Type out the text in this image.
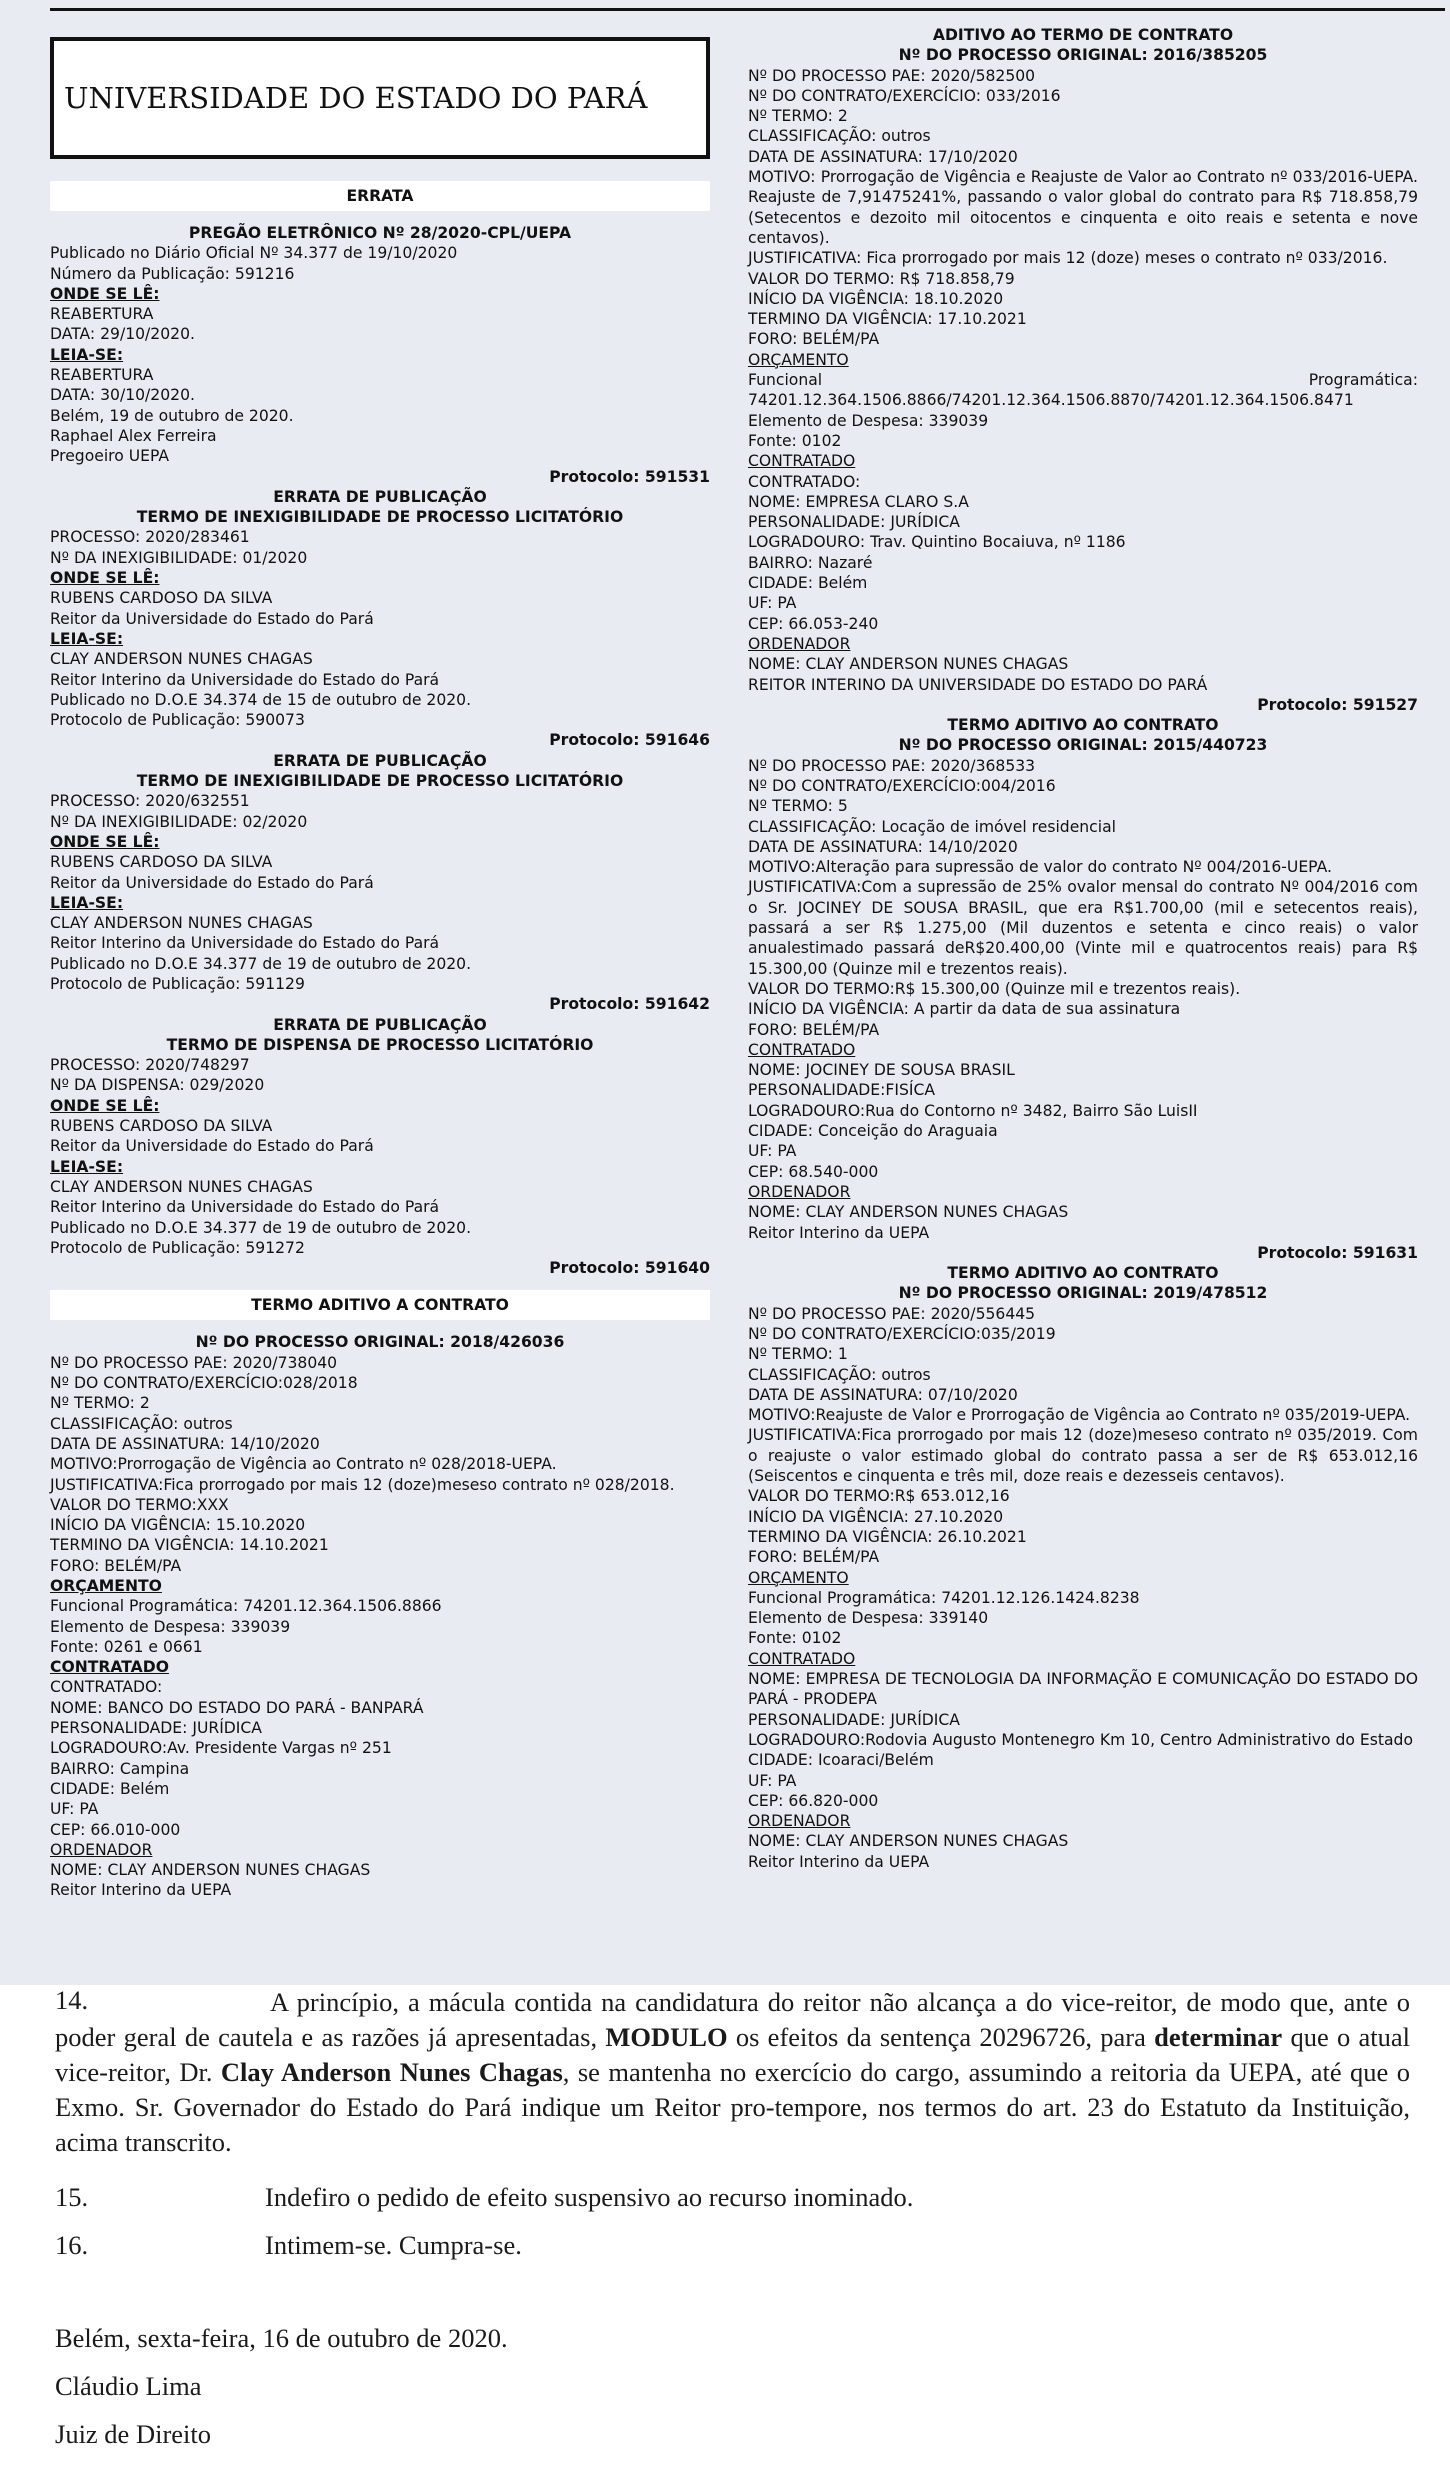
UNIVERSIDADE DO ESTADO DO PARÁ
ERRATA
PREGÃO ELETRÔNICO Nº 28/2020-CPL/UEPA
Publicado no Diário Oficial Nº 34.377 de 19/10/2020
Número da Publicação: 591216
ONDE SE LÊ:
REABERTURA
DATA: 29/10/2020.
LEIA-SE:
REABERTURA
DATA: 30/10/2020.
Belém, 19 de outubro de 2020.
Raphael Alex Ferreira
Pregoeiro UEPA
Protocolo: 591531
ERRATA DE PUBLICAÇÃO
TERMO DE INEXIGIBILIDADE DE PROCESSO LICITATÓRIO
PROCESSO: 2020/283461
Nº DA INEXIGIBILIDADE: 01/2020
ONDE SE LÊ:
RUBENS CARDOSO DA SILVA
Reitor da Universidade do Estado do Pará
LEIA-SE:
CLAY ANDERSON NUNES CHAGAS
Reitor Interino da Universidade do Estado do Pará
Publicado no D.O.E 34.374 de 15 de outubro de 2020.
Protocolo de Publicação: 590073
Protocolo: 591646
ERRATA DE PUBLICAÇÃO
TERMO DE INEXIGIBILIDADE DE PROCESSO LICITATÓRIO
PROCESSO: 2020/632551
Nº DA INEXIGIBILIDADE: 02/2020
ONDE SE LÊ:
RUBENS CARDOSO DA SILVA
Reitor da Universidade do Estado do Pará
LEIA-SE:
CLAY ANDERSON NUNES CHAGAS
Reitor Interino da Universidade do Estado do Pará
Publicado no D.O.E 34.377 de 19 de outubro de 2020.
Protocolo de Publicação: 591129
Protocolo: 591642
ERRATA DE PUBLICAÇÃO
TERMO DE DISPENSA DE PROCESSO LICITATÓRIO
PROCESSO: 2020/748297
Nº DA DISPENSA: 029/2020
ONDE SE LÊ:
RUBENS CARDOSO DA SILVA
Reitor da Universidade do Estado do Pará
LEIA-SE:
CLAY ANDERSON NUNES CHAGAS
Reitor Interino da Universidade do Estado do Pará
Publicado no D.O.E 34.377 de 19 de outubro de 2020.
Protocolo de Publicação: 591272
Protocolo: 591640
TERMO ADITIVO A CONTRATO
Nº DO PROCESSO ORIGINAL: 2018/426036
Nº DO PROCESSO PAE: 2020/738040
Nº DO CONTRATO/EXERCÍCIO:028/2018
Nº TERMO: 2
CLASSIFICAÇÃO: outros
DATA DE ASSINATURA: 14/10/2020
MOTIVO:Prorrogação de Vigência ao Contrato nº 028/2018-UEPA.
JUSTIFICATIVA:Fica prorrogado por mais 12 (doze)meseso contrato nº 028/2018.
VALOR DO TERMO:XXX
INÍCIO DA VIGÊNCIA: 15.10.2020
TERMINO DA VIGÊNCIA: 14.10.2021
FORO: BELÉM/PA
ORÇAMENTO
Funcional Programática: 74201.12.364.1506.8866
Elemento de Despesa: 339039
Fonte: 0261 e 0661
CONTRATADO
CONTRATADO:
NOME: BANCO DO ESTADO DO PARÁ - BANPARÁ
PERSONALIDADE: JURÍDICA
LOGRADOURO:Av. Presidente Vargas nº 251
BAIRRO: Campina
CIDADE: Belém
UF: PA
CEP: 66.010-000
ORDENADOR
NOME: CLAY ANDERSON NUNES CHAGAS
Reitor Interino da UEPA
ADITIVO AO TERMO DE CONTRATO
Nº DO PROCESSO ORIGINAL: 2016/385205
Nº DO PROCESSO PAE: 2020/582500
Nº DO CONTRATO/EXERCÍCIO: 033/2016
Nº TERMO: 2
CLASSIFICAÇÃO: outros
DATA DE ASSINATURA: 17/10/2020
MOTIVO: Prorrogação de Vigência e Reajuste de Valor ao Contrato nº 033/2016-UEPA. Reajuste de 7,91475241%, passando o valor global do contrato para R$ 718.858,79 (Setecentos e dezoito mil oitocentos e cinquenta e oito reais e setenta e nove centavos).
JUSTIFICATIVA: Fica prorrogado por mais 12 (doze) meses o contrato nº 033/2016.
VALOR DO TERMO: R$ 718.858,79
INÍCIO DA VIGÊNCIA: 18.10.2020
TERMINO DA VIGÊNCIA: 17.10.2021
FORO: BELÉM/PA
ORÇAMENTO
Funcional Programática: 74201.12.364.1506.8866/74201.12.364.1506.8870/74201.12.364.1506.8471
Elemento de Despesa: 339039
Fonte: 0102
CONTRATADO
CONTRATADO:
NOME: EMPRESA CLARO S.A
PERSONALIDADE: JURÍDICA
LOGRADOURO: Trav. Quintino Bocaiuva, nº 1186
BAIRRO: Nazaré
CIDADE: Belém
UF: PA
CEP: 66.053-240
ORDENADOR
NOME: CLAY ANDERSON NUNES CHAGAS
REITOR INTERINO DA UNIVERSIDADE DO ESTADO DO PARÁ
Protocolo: 591527
TERMO ADITIVO AO CONTRATO
Nº DO PROCESSO ORIGINAL: 2015/440723
Nº DO PROCESSO PAE: 2020/368533
Nº DO CONTRATO/EXERCÍCIO:004/2016
Nº TERMO: 5
CLASSIFICAÇÃO: Locação de imóvel residencial
DATA DE ASSINATURA: 14/10/2020
MOTIVO:Alteração para supressão de valor do contrato Nº 004/2016-UEPA.
JUSTIFICATIVA:Com a supressão de 25% ovalor mensal do contrato Nº 004/2016 com o Sr. JOCINEY DE SOUSA BRASIL, que era R$1.700,00 (mil e setecentos reais), passará a ser R$ 1.275,00 (Mil duzentos e setenta e cinco reais) o valor anualestimado passará deR$20.400,00 (Vinte mil e quatrocentos reais) para R$ 15.300,00 (Quinze mil e trezentos reais).
VALOR DO TERMO:R$ 15.300,00 (Quinze mil e trezentos reais).
INÍCIO DA VIGÊNCIA: A partir da data de sua assinatura
FORO: BELÉM/PA
CONTRATADO
NOME: JOCINEY DE SOUSA BRASIL
PERSONALIDADE:FISÍCA
LOGRADOURO:Rua do Contorno nº 3482, Bairro São LuisII
CIDADE: Conceição do Araguaia
UF: PA
CEP: 68.540-000
ORDENADOR
NOME: CLAY ANDERSON NUNES CHAGAS
Reitor Interino da UEPA
Protocolo: 591631
TERMO ADITIVO AO CONTRATO
Nº DO PROCESSO ORIGINAL: 2019/478512
Nº DO PROCESSO PAE: 2020/556445
Nº DO CONTRATO/EXERCÍCIO:035/2019
Nº TERMO: 1
CLASSIFICAÇÃO: outros
DATA DE ASSINATURA: 07/10/2020
MOTIVO:Reajuste de Valor e Prorrogação de Vigência ao Contrato nº 035/2019-UEPA.
JUSTIFICATIVA:Fica prorrogado por mais 12 (doze)meseso contrato nº 035/2019. Com o reajuste o valor estimado global do contrato passa a ser de R$ 653.012,16 (Seiscentos e cinquenta e três mil, doze reais e dezesseis centavos).
VALOR DO TERMO:R$ 653.012,16
INÍCIO DA VIGÊNCIA: 27.10.2020
TERMINO DA VIGÊNCIA: 26.10.2021
FORO: BELÉM/PA
ORÇAMENTO
Funcional Programática: 74201.12.126.1424.8238
Elemento de Despesa: 339140
Fonte: 0102
CONTRATADO
NOME: EMPRESA DE TECNOLOGIA DA INFORMAÇÃO E COMUNICAÇÃO DO ESTADO DO PARÁ - PRODEPA
PERSONALIDADE: JURÍDICA
LOGRADOURO:Rodovia Augusto Montenegro Km 10, Centro Administrativo do Estado
CIDADE: Icoaraci/Belém
UF: PA
CEP: 66.820-000
ORDENADOR
NOME: CLAY ANDERSON NUNES CHAGAS
Reitor Interino da UEPA
14.	A princípio, a mácula contida na candidatura do reitor não alcança a do vice-reitor, de modo que, ante o poder geral de cautela e as razões já apresentadas, MODULO os efeitos da sentença 20296726, para determinar que o atual vice-reitor, Dr. Clay Anderson Nunes Chagas, se mantenha no exercício do cargo, assumindo a reitoria da UEPA, até que o Exmo. Sr. Governador do Estado do Pará indique um Reitor pro-tempore, nos termos do art. 23 do Estatuto da Instituição, acima transcrito.
15.	Indefiro o pedido de efeito suspensivo ao recurso inominado.
16.	Intimem-se. Cumpra-se.
Belém, sexta-feira, 16 de outubro de 2020.
Cláudio Lima
Juiz de Direito
